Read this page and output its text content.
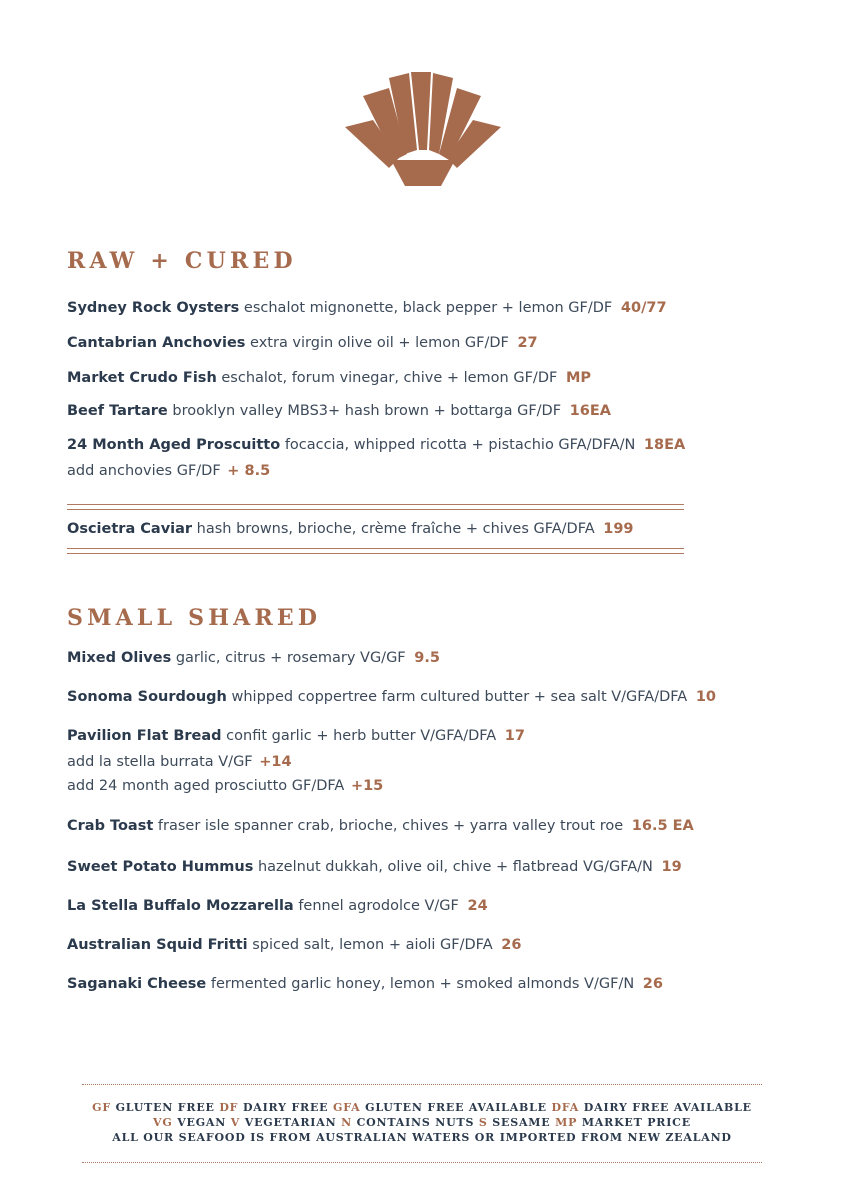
RAW + CURED
Sydney Rock Oysters eschalot mignonette, black pepper + lemon GF/DF 40/77
Cantabrian Anchovies extra virgin olive oil + lemon GF/DF 27
Market Crudo Fish eschalot, forum vinegar, chive + lemon GF/DF MP
Beef Tartare brooklyn valley MBS3+ hash brown + bottarga GF/DF 16EA
24 Month Aged Proscuitto focaccia, whipped ricotta + pistachio GFA/DFA/N 18EA
add anchovies GF/DF + 8.5
Oscietra Caviar hash browns, brioche, crème fraîche + chives GFA/DFA 199
SMALL SHARED
Mixed Olives garlic, citrus + rosemary VG/GF 9.5
Sonoma Sourdough whipped coppertree farm cultured butter + sea salt V/GFA/DFA 10
Pavilion Flat Bread confit garlic + herb butter V/GFA/DFA 17
add la stella burrata V/GF +14
add 24 month aged prosciutto GF/DFA +15
Crab Toast fraser isle spanner crab, brioche, chives + yarra valley trout roe 16.5 EA
Sweet Potato Hummus hazelnut dukkah, olive oil, chive + flatbread VG/GFA/N 19
La Stella Buffalo Mozzarella fennel agrodolce V/GF 24
Australian Squid Fritti spiced salt, lemon + aioli GF/DFA 26
Saganaki Cheese fermented garlic honey, lemon + smoked almonds V/GF/N 26
GF GLUTEN FREE DF DAIRY FREE GFA GLUTEN FREE AVAILABLE DFA DAIRY FREE AVAILABLE
VG VEGAN V VEGETARIAN N CONTAINS NUTS S SESAME MP MARKET PRICE
ALL OUR SEAFOOD IS FROM AUSTRALIAN WATERS OR IMPORTED FROM NEW ZEALAND
